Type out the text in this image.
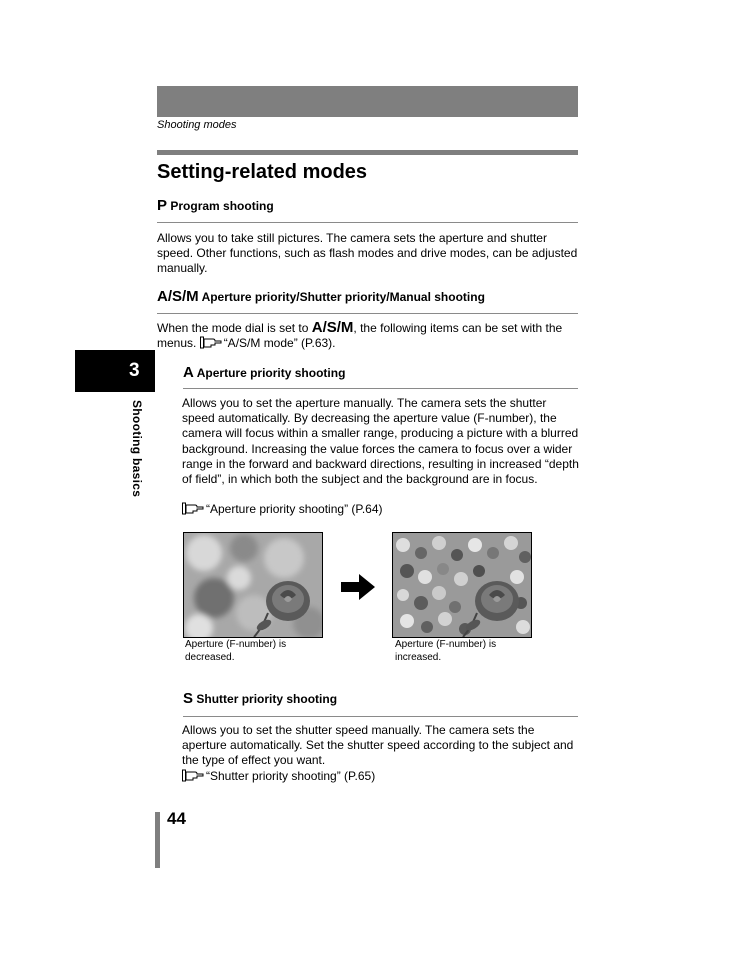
Shooting modes
Setting-related modes
P Program shooting
Allows you to take still pictures. The camera sets the aperture and shutter speed. Other functions, such as flash modes and drive modes, can be adjusted manually.
A/S/M Aperture priority/Shutter priority/Manual shooting
When the mode dial is set to A/S/M, the following items can be set with the menus. “A/S/M mode” (P.63).
3
Shooting basics
A Aperture priority shooting
Allows you to set the aperture manually. The camera sets the shutter speed automatically. By decreasing the aperture value (F-number), the camera will focus within a smaller range, producing a picture with a blurred background. Increasing the value forces the camera to focus over a wider range in the forward and backward directions, resulting in increased “depth of field”, in which both the subject and the background are in focus.
“Aperture priority shooting” (P.64)
Aperture (F-number) is decreased.
Aperture (F-number) is increased.
S Shutter priority shooting
Allows you to set the shutter speed manually. The camera sets the aperture automatically. Set the shutter speed according to the subject and the type of effect you want.
“Shutter priority shooting” (P.65)
44
